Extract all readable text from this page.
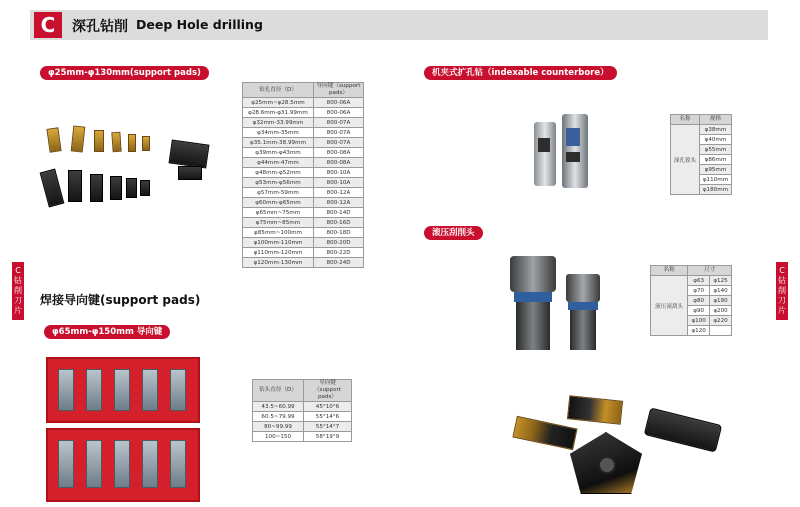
C 深孔钻削 Deep Hole drilling
C钻削刀片
C钻削刀片
φ25mm-φ130mm(support pads)
钻孔直径（D）	导向键（support pads）
φ25mm~φ28.5mm	800-06A
φ28.6mm-φ31.99mm	800-06A
φ32mm-33.99mm	800-07A
φ34mm-35mm	800-07A
φ35.1mm-38.99mm	800-07A
φ39mm-φ43mm	800-08A
φ44mm-47mm	800-08A
φ48mm-φ52mm	800-10A
φ53mm-φ56mm	800-10A
φ57mm-59mm	800-12A
φ60mm-φ65mm	800-12A
φ65mm~75mm	800-14D
φ75mm~85mm	800-16D
φ85mm~100mm	800-18D
φ100mm-110mm	800-20D
φ110mm-120mm	800-22D
φ120mm-130mm	800-24D
焊接导向键(support pads)
φ65mm-φ150mm 导向键
钻头直径（D）	导向键（support pads）
43.5~60.99	45°10°6
60.5~79.99	55°14°6
80~99.99	55°14°7
100~150	58°19°9
机夹式扩孔钻（indexable counterbore）
名称	规格
深孔镗头	φ38mm
	φ40mm
	φ55mm
	φ86mm
	φ95mm
	φ110mm
	φ180mm
滚压刮削头
名称	尺寸	
液压滚刮头	φ63	φ125
	φ70	φ140
	φ80	φ180
	φ90	φ200
	φ100	φ220
	φ120	
